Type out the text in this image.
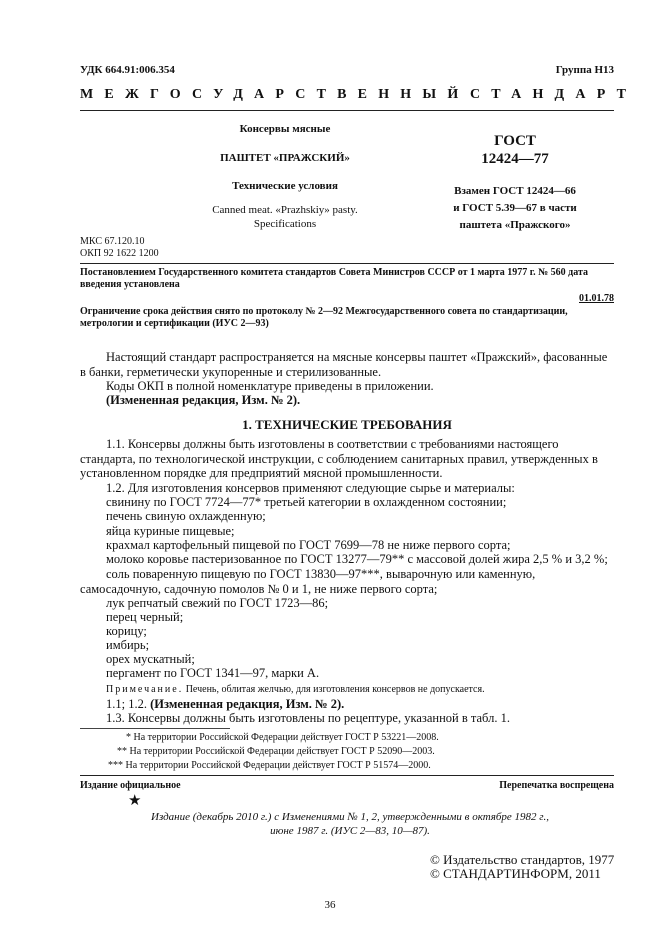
УДК 664.91:006.354	Группа Н13
МЕЖГОСУДАРСТВЕННЫЙ СТАНДАРТ
Консервы мясные
ПАШТЕТ «ПРАЖСКИЙ»
Технические условия
Canned meat. «Prazhskiy» pasty.
Specifications
ГОСТ
12424—77
Взамен ГОСТ 12424—66
и ГОСТ 5.39—67 в части
паштета «Пражского»
МКС 67.120.10
ОКП 92 1622 1200
Постановлением Государственного комитета стандартов Совета Министров СССР от 1 марта 1977 г. № 560 дата введения установлена
01.01.78
Ограничение срока действия снято по протоколу № 2—92 Межгосударственного совета по стандартизации, метрологии и сертификации (ИУС 2—93)
Настоящий стандарт распространяется на мясные консервы паштет «Пражский», фасованные в банки, герметически укупоренные и стерилизованные.
Коды ОКП в полной номенклатуре приведены в приложении.
(Измененная редакция, Изм. № 2).
1. ТЕХНИЧЕСКИЕ ТРЕБОВАНИЯ
1.1. Консервы должны быть изготовлены в соответствии с требованиями настоящего стандарта, по технологической инструкции, с соблюдением санитарных правил, утвержденных в установленном порядке для предприятий мясной промышленности.
1.2. Для изготовления консервов применяют следующие сырье и материалы:
свинину по ГОСТ 7724—77* третьей категории в охлажденном состоянии;
печень свиную охлажденную;
яйца куриные пищевые;
крахмал картофельный пищевой по ГОСТ 7699—78 не ниже первого сорта;
молоко коровье пастеризованное по ГОСТ 13277—79** с массовой долей жира 2,5 % и 3,2 %;
соль поваренную пищевую по ГОСТ 13830—97***, выварочную или каменную, самосадочную, садочную помолов № 0 и 1, не ниже первого сорта;
лук репчатый свежий по ГОСТ 1723—86;
перец черный;
корицу;
имбирь;
орех мускатный;
пергамент по ГОСТ 1341—97, марки А.
Примечание. Печень, облитая желчью, для изготовления консервов не допускается.
1.1; 1.2. (Измененная редакция, Изм. № 2).
1.3. Консервы должны быть изготовлены по рецептуре, указанной в табл. 1.
* На территории Российской Федерации действует ГОСТ Р 53221—2008.
** На территории Российской Федерации действует ГОСТ Р 52090—2003.
*** На территории Российской Федерации действует ГОСТ Р 51574—2000.
Издание официальное	Перепечатка воспрещена
★
Издание (декабрь 2010 г.) с Изменениями № 1, 2, утвержденными в октябре 1982 г.,
июне 1987 г. (ИУС 2—83, 10—87).
© Издательство стандартов, 1977
© СТАНДАРТИНФОРМ, 2011
36
